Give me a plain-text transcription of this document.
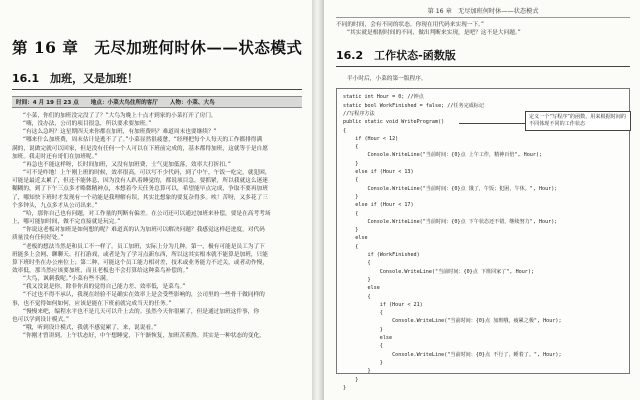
第 16 章　无尽加班何时休——状态模式
16.1　加班，又是加班！
时间：4 月 19 日 23 点 地点：小菜大鸟住所的客厅 人物：小菜、大鸟

“小菜，你们的加班没完没了了？”大鸟为晚上十点才到家的小菜打开了房门。

“嗨，没办法，公司的项目很急，所以要求要加班。”

“有这么急吗？这星期四天来你都在加班，有加班费吗？难道周末也要继续？”

“哪来什么加班费，周末估计是逃不了了。”小菜显然很疲惫，“经理把每个人每天的工作都排得满

满的，说做完就可以回家，但是没有任何一个人可以在下班前完成的，基本都得加班，这就等于是自愿

加班。我走时还有哥们在加班呢。”

“再急也不能这样呀，长时间加班，又没有加班费，士气更加低落，效率大打折扣。”

“可不是咋地！上午刚上班的时候，效率很高，可以写不少代码，到了中午，午饭一吃完，就犯困，

可能是最近太累了，但还不能休息，因为没有人趴着睡觉的，都说项目急，要抓紧，所以我就这么迷迷

糊糊的，到了下午三点多才略微精神点，本想着今天任务总算可以，希望能早点完成，争取不要再加班

了，哪知快下班时才发现有一个功能是我理解有误，其实比想象的要复杂得多。唉！苦呀，又多花了三

个多钟头，九点多才从公司出来。”

“哈，那你自己也有问题，对工作量的判断有偏差。在公司还可以通过加班来补偿，要是在高考考场

上，哪可能加时间，做不完直接就是玩完。”

“你说这老板对加班是如何想的呢？难道真的认为加班可以解决问题？我感觉这样赶进度，对代码

质量没有任何好处。”

“老板的想法当然是和员工不一样了。员工加班，实际上分为几种。第一，极有可能是员工为了下

班能多上会网、聊聊天、打打游戏，或者是为了学习点新东西，所以这其实根本就不能算是加班，只能

算下班时坐在办公座位上；第二种，可能这个员工能力相对差，技术或业务能力不过关，或者动作慢，

效率低，那当然应该要加班，而且老板也不会打算给这种菜鸟补偿的。”

“大鸟，讽刺我呢。”小菜有些不满。

“我又没说是你，除非你真的觉得自己能力差、效率低，是菜鸟。”

“不过也不得不承认，我现在经验不足确实在效率上是会受些影响的，公司里的一些骨干做同样的

事，也不觉得如何如何，应该是能在下班前就完成当天的任务。”

“慢慢来吧，编程水平也不是几天可以升上去的。虽然今天你很累了，但是通过加班这件事，你

也可以学到设计模式。”

“哦，听到设计模式，我就不感觉累了，来，说说看。”

“你刚才曾讲到，上午状态好，中午想睡觉，下午渐恢复，加班苦煎熬。其实是一种状态的变化，

第 16 章　无尽加班何时休——状态模式

不同的时间，会有不同的状态。你现在用代码来实现一下。”

“其实就是根据时间的不同，做出判断来实现，是吧？这不是大问题。”

16.2　工作状态-函数版
半小时后，小菜的第一版程序。
static int Hour = 0; //钟点
static bool WorkFinished = false; //任务完成标记
//写程序方法
public static void WriteProgram()
{
if (Hour < 12)
{
Console.WriteLine("当前时间：{0}点 上午工作，精神百倍", Hour);
}
else if (Hour < 13)
{
Console.WriteLine("当前时间：{0}点 饿了，午饭；犯困，午休。", Hour);
}
else if (Hour < 17)
{
Console.WriteLine("当前时间：{0}点 下午状态还不错，继续努力", Hour);
}
else
{
if (WorkFinished)
{
Console.WriteLine("当前时间：{0}点 下班回家了", Hour);
}
else
{
if (Hour < 21)
{
Console.WriteLine("当前时间：{0}点 加班哦，疲累之极", Hour);
}
else
{
Console.WriteLine("当前时间：{0}点 不行了，睡着了。", Hour);
}
}
}
}
定义一个“写程序”的函数，用来根据时间的不同体现不同的工作状态
